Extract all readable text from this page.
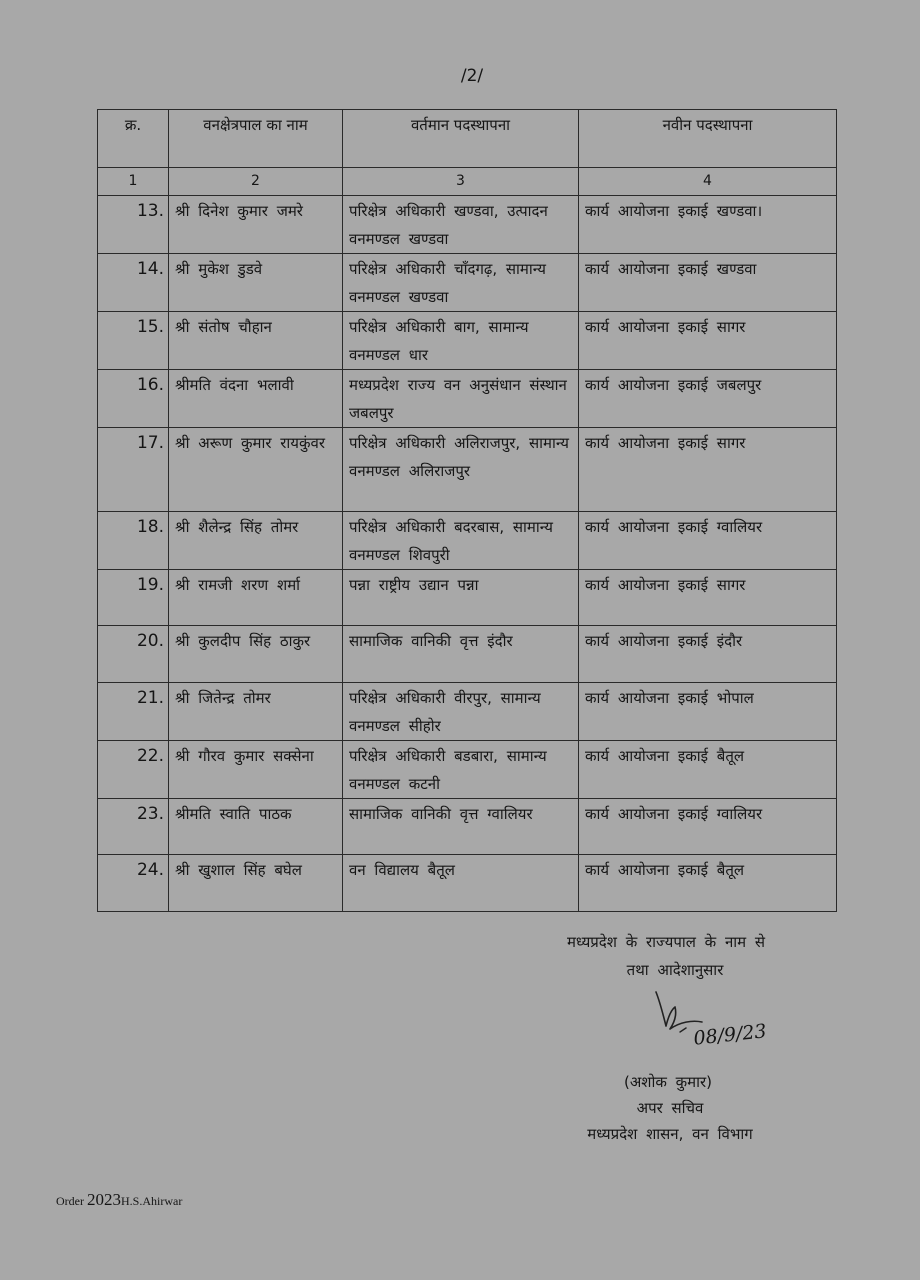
/2/
क्र.	वनक्षेत्रपाल का नाम	वर्तमान पदस्थापना	नवीन पदस्थापना
1	2	3	4
13.	श्री दिनेश कुमार जमरे	परिक्षेत्र अधिकारी खण्डवा, उत्पादन वनमण्डल खण्डवा	कार्य आयोजना इकाई खण्डवा।
14.	श्री मुकेश डुडवे	परिक्षेत्र अधिकारी चॉंदगढ़, सामान्य वनमण्डल खण्डवा	कार्य आयोजना इकाई खण्डवा
15.	श्री संतोष चौहान	परिक्षेत्र अधिकारी बाग, सामान्य वनमण्डल धार	कार्य आयोजना इकाई सागर
16.	श्रीमति वंदना भलावी	मध्यप्रदेश राज्य वन अनुसंधान संस्थान जबलपुर	कार्य आयोजना इकाई जबलपुर
17.	श्री अरूण कुमार रायकुंवर	परिक्षेत्र अधिकारी अलिराजपुर, सामान्य वनमण्डल अलिराजपुर	कार्य आयोजना इकाई सागर
18.	श्री शैलेन्द्र सिंह तोमर	परिक्षेत्र अधिकारी बदरबास, सामान्य वनमण्डल शिवपुरी	कार्य आयोजना इकाई ग्वालियर
19.	श्री रामजी शरण शर्मा	पन्ना राष्ट्रीय उद्यान पन्ना	कार्य आयोजना इकाई सागर
20.	श्री कुलदीप सिंह ठाकुर	सामाजिक वानिकी वृत्त इंदौर	कार्य आयोजना इकाई इंदौर
21.	श्री जितेन्द्र तोमर	परिक्षेत्र अधिकारी वीरपुर, सामान्य वनमण्डल सीहोर	कार्य आयोजना इकाई भोपाल
22.	श्री गौरव कुमार सक्सेना	परिक्षेत्र अधिकारी बडबारा, सामान्य वनमण्डल कटनी	कार्य आयोजना इकाई बैतूल
23.	श्रीमति स्वाति पाठक	सामाजिक वानिकी वृत्त ग्वालियर	कार्य आयोजना इकाई ग्वालियर
24.	श्री खुशाल सिंह बघेल	वन विद्यालय बैतूल	कार्य आयोजना इकाई बैतूल
मध्यप्रदेश के राज्यपाल के नाम से
तथा आदेशानुसार
08/9/23
(अशोक कुमार)
अपर सचिव
मध्यप्रदेश शासन, वन विभाग
Order 2023H.S.Ahirwar
